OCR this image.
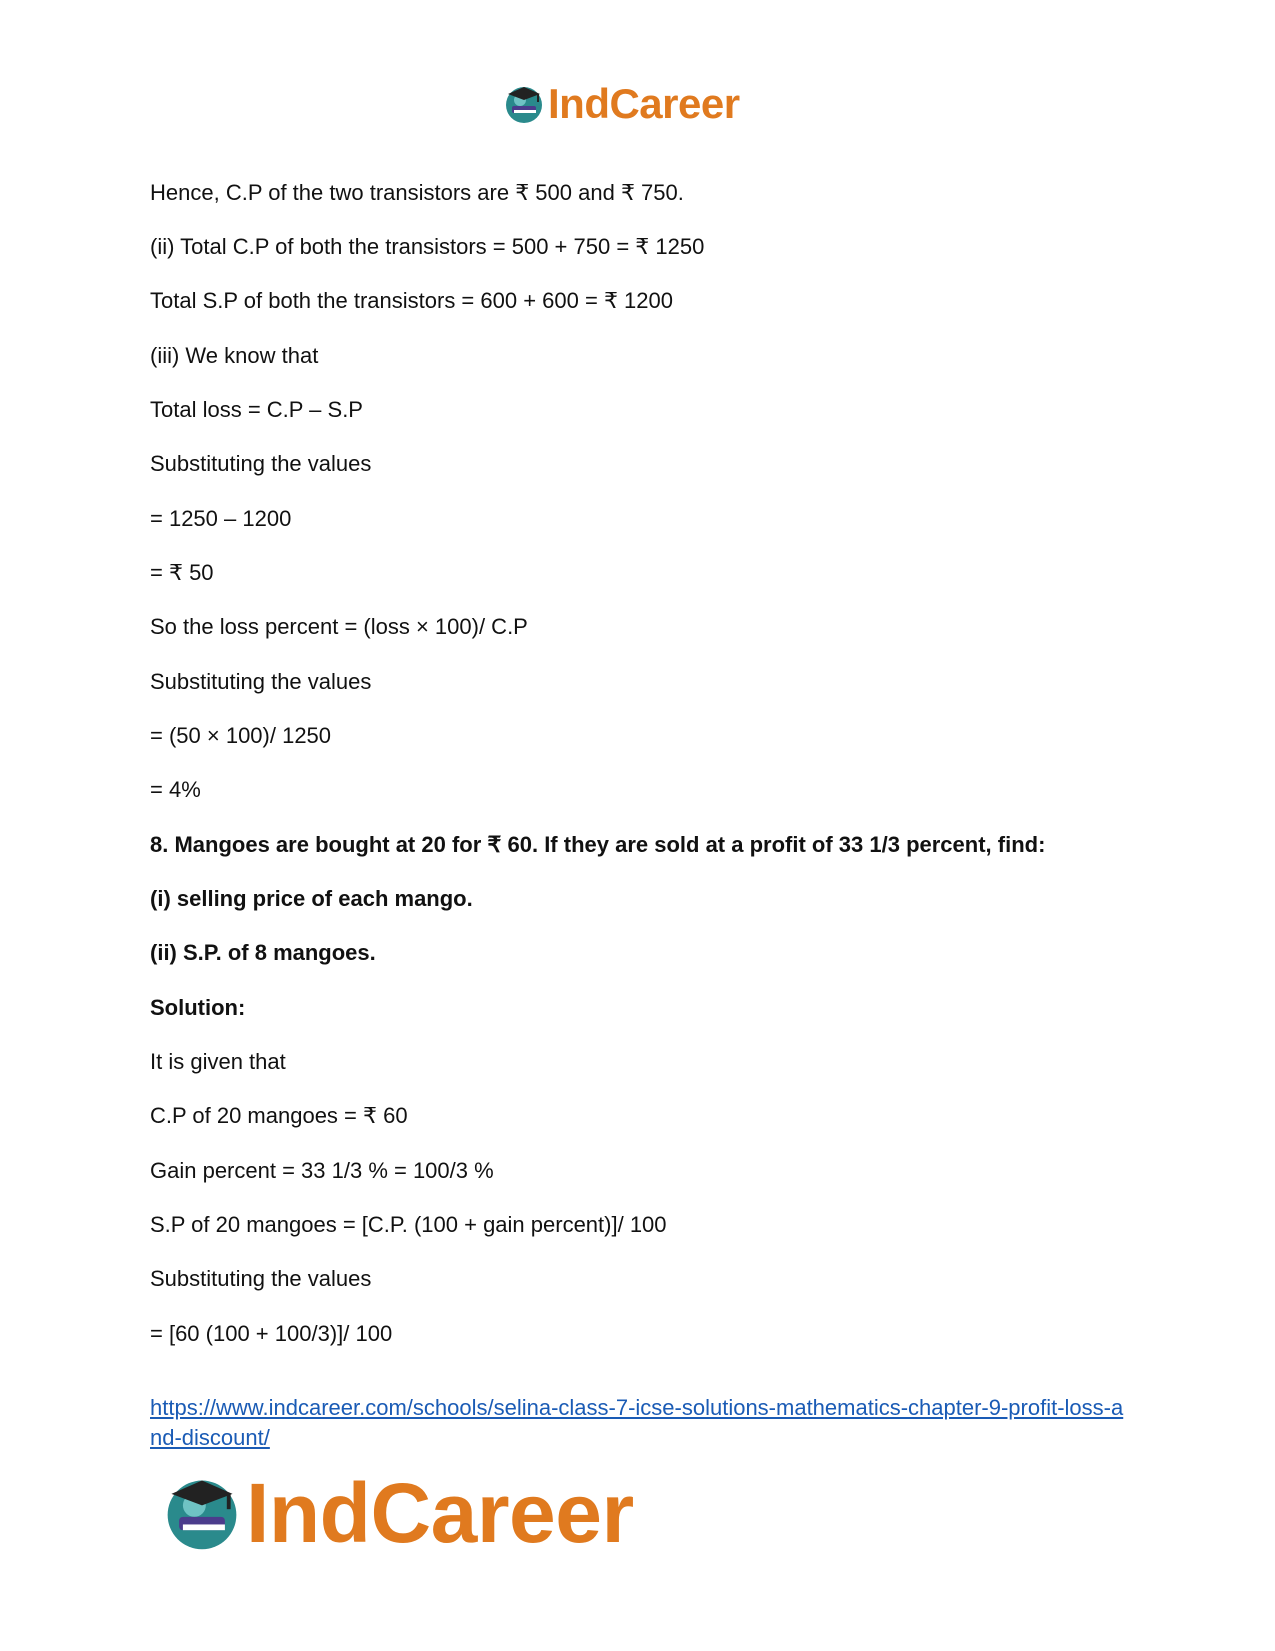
IndCareer
Hence, C.P of the two transistors are ₹ 500 and ₹ 750.
(ii) Total C.P of both the transistors = 500 + 750 = ₹ 1250
Total S.P of both the transistors = 600 + 600 = ₹ 1200
(iii) We know that
Total loss = C.P – S.P
Substituting the values
= 1250 – 1200
= ₹ 50
So the loss percent = (loss × 100)/ C.P
Substituting the values
= (50 × 100)/ 1250
= 4%
8. Mangoes are bought at 20 for ₹ 60. If they are sold at a profit of 33 1/3 percent, find:
(i) selling price of each mango.
(ii) S.P. of 8 mangoes.
Solution:
It is given that
C.P of 20 mangoes = ₹ 60
Gain percent = 33 1/3 % = 100/3 %
S.P of 20 mangoes = [C.P. (100 + gain percent)]/ 100
Substituting the values
= [60 (100 + 100/3)]/ 100
https://www.indcareer.com/schools/selina-class-7-icse-solutions-mathematics-chapter-9-profit-loss-and-discount/
IndCareer
